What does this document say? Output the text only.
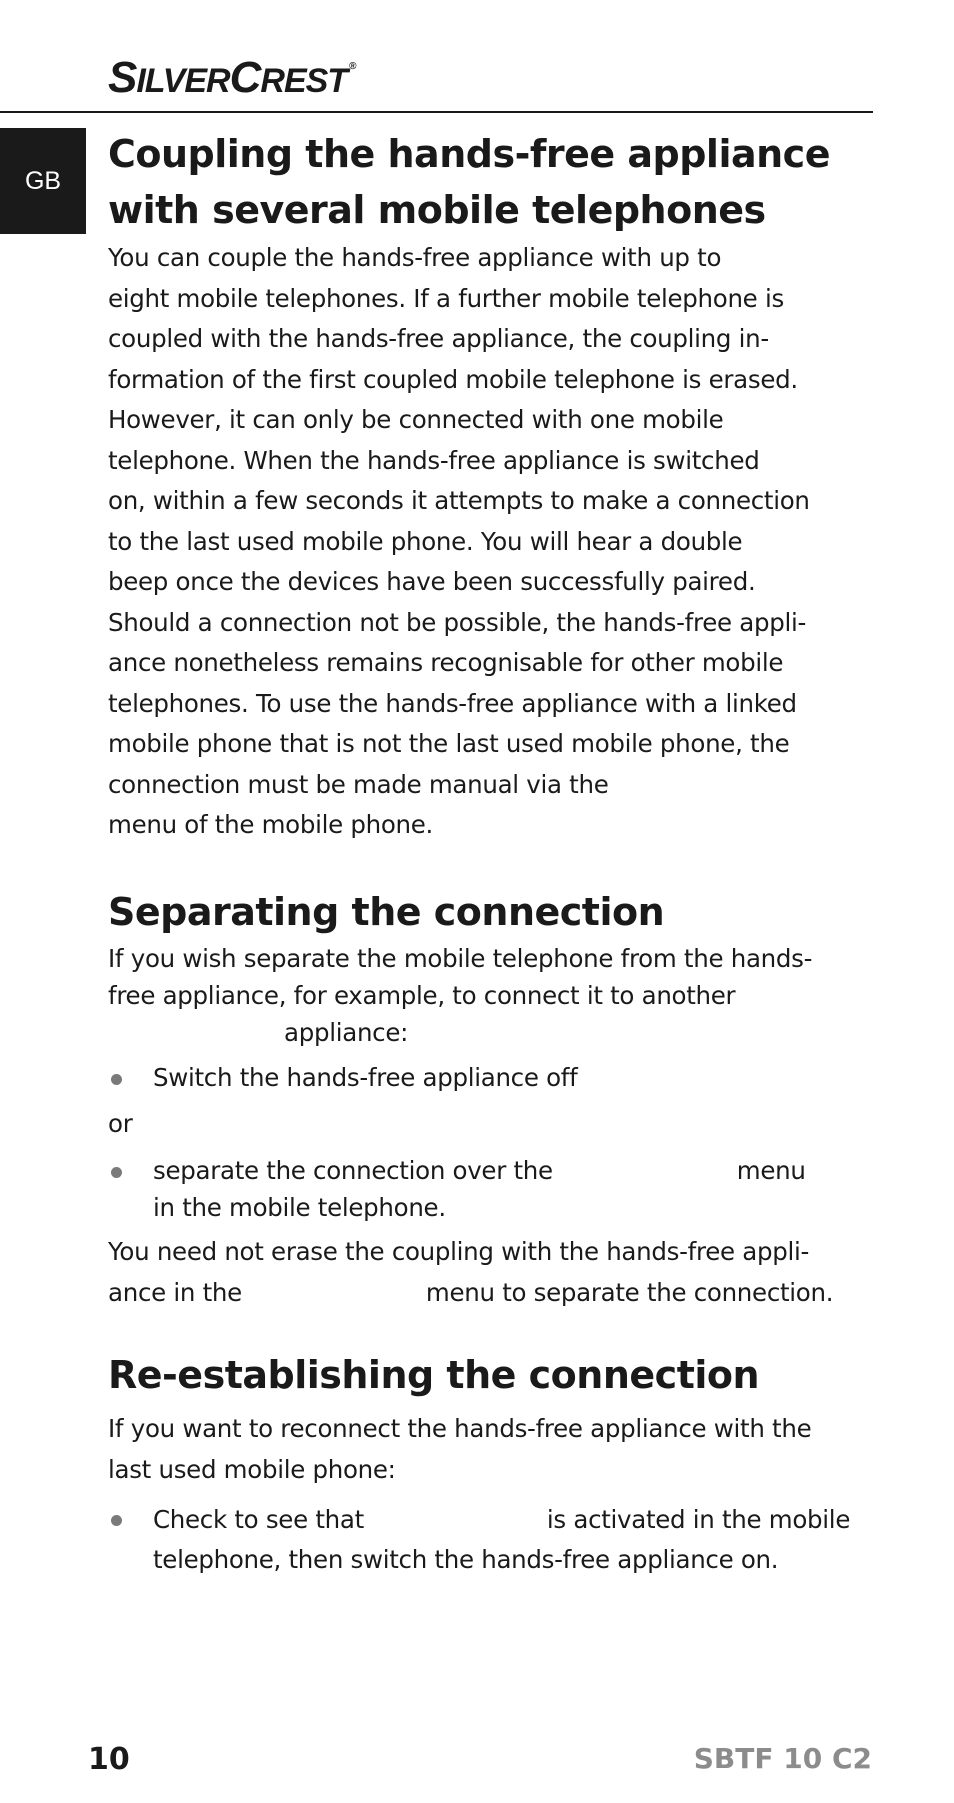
SILVERCREST ®
GB
Coupling the hands-free appliance
with several mobile telephones

You can couple the hands-free appliance with up to

eight mobile telephones. If a further mobile telephone is

coupled with the hands-free appliance, the coupling in-

formation of the first coupled mobile telephone is erased.

However, it can only be connected with one mobile

telephone. When the hands-free appliance is switched

on, within a few seconds it attempts to make a connection

to the last used mobile phone. You will hear a double

beep once the devices have been successfully paired.

Should a connection not be possible, the hands-free appli-

ance nonetheless remains recognisable for other mobile

telephones. To use the hands-free appliance with a linked

mobile phone that is not the last used mobile phone, the

connection must be made manual via the

menu of the mobile phone.

Separating the connection

If you wish separate the mobile telephone from the hands-

free appliance, for example, to connect it to another

appliance:

Switch the hands-free appliance off

or

separate the connection over the	menu
in the mobile telephone.

You need not erase the coupling with the hands-free appli-

ance in the	menu to separate the connection.

Re-establishing the connection

If you want to reconnect the hands-free appliance with the

last used mobile phone:

Check to see that	is activated in the mobile
telephone, then switch the hands-free appliance on.
10	SBTF 10 C2
